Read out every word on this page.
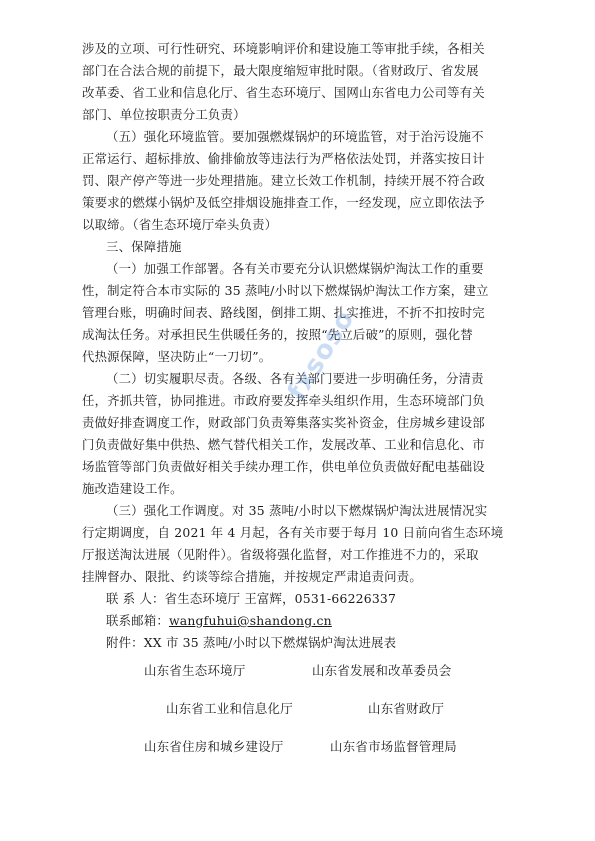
涉及的立项、可行性研究、环境影响评价和建设施工等审批手续，各相关
部门在合法合规的前提下，最大限度缩短审批时限。（省财政厅、省发展
改革委、省工业和信息化厅、省生态环境厅、国网山东省电力公司等有关
部门、单位按职责分工负责）
（五）强化环境监管。要加强燃煤锅炉的环境监管，对于治污设施不
正常运行、超标排放、偷排偷放等违法行为严格依法处罚，并落实按日计
罚、限产停产等进一步处理措施。建立长效工作机制，持续开展不符合政
策要求的燃煤小锅炉及低空排烟设施排查工作，一经发现，应立即依法予
以取缔。（省生态环境厅牵头负责）
三、保障措施
（一）加强工作部署。各有关市要充分认识燃煤锅炉淘汰工作的重要
性，制定符合本市实际的 35 蒸吨/小时以下燃煤锅炉淘汰工作方案，建立
管理台账，明确时间表、路线图，倒排工期、扎实推进，不折不扣按时完
成淘汰任务。对承担民生供暖任务的，按照“先立后破”的原则，强化替
代热源保障，坚决防止“一刀切”。
（二）切实履职尽责。各级、各有关部门要进一步明确任务，分清责
任，齐抓共管，协同推进。市政府要发挥牵头组织作用，生态环境部门负
责做好排查调度工作，财政部门负责筹集落实奖补资金，住房城乡建设部
门负责做好集中供热、燃气替代相关工作，发展改革、工业和信息化、市
场监管等部门负责做好相关手续办理工作，供电单位负责做好配电基础设
施改造建设工作。
（三）强化工作调度。对 35 蒸吨/小时以下燃煤锅炉淘汰进展情况实
行定期调度，自 2021 年 4 月起，各有关市要于每月 10 日前向省生态环境
厅报送淘汰进展（见附件）。省级将强化监督，对工作推进不力的，采取
挂牌督办、限批、约谈等综合措施，并按规定严肃追责问责。
联 系 人：省生态环境厅 王富辉，0531-66226337
联系邮箱：wangfuhui@shandong.cn
附件：XX 市 35 蒸吨/小时以下燃煤锅炉淘汰进展表
山东省生态环境厅	山东省发展和改革委员会
山东省工业和信息化厅	山东省财政厅
山东省住房和城乡建设厅	山东省市场监督管理局
fxsoso
